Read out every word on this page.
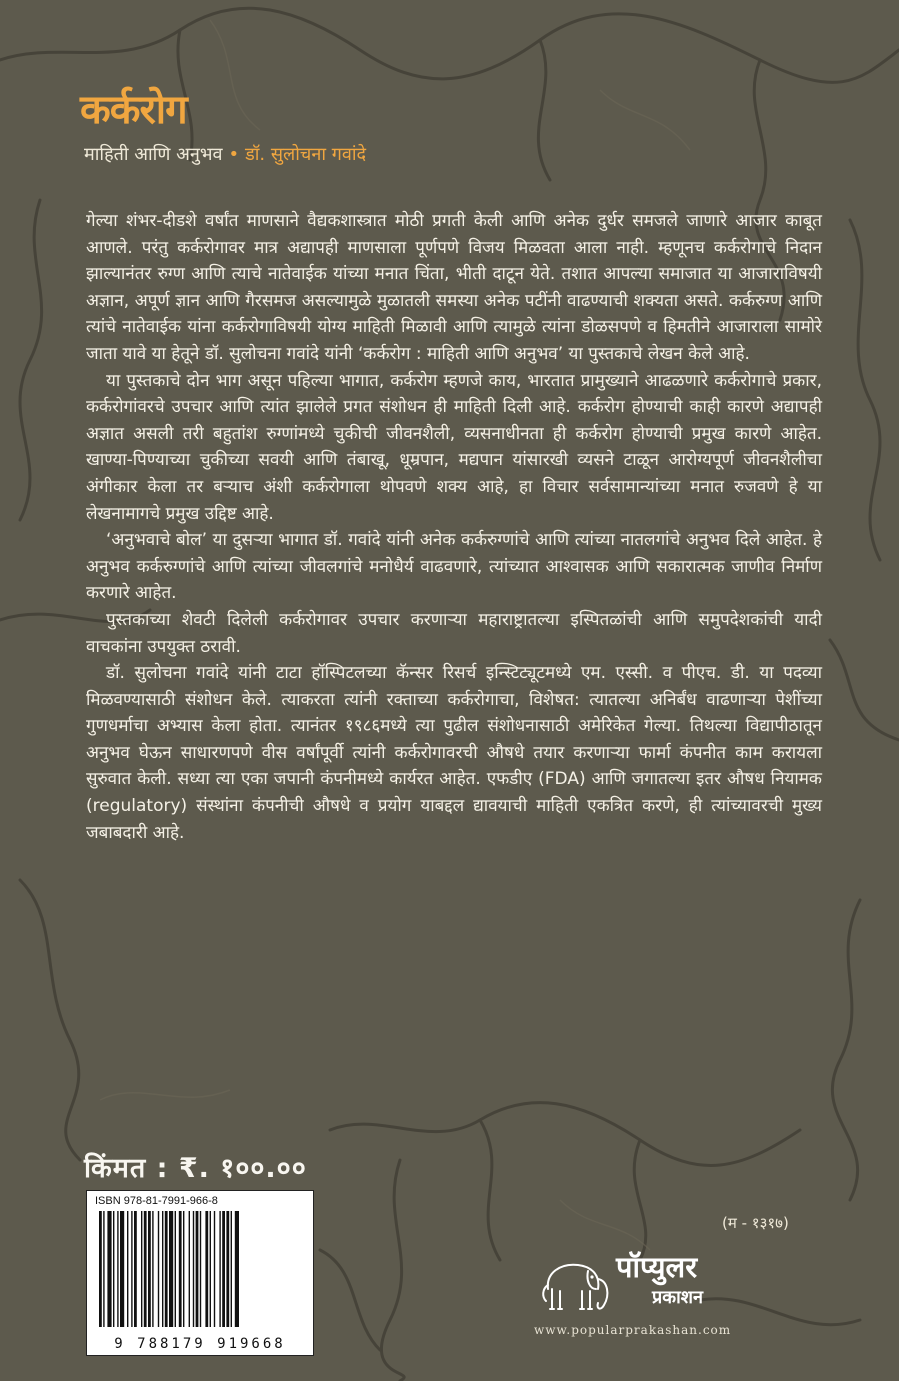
कर्करोग
माहिती आणि अनुभव • डॉ. सुलोचना गवांदे

गेल्या शंभर-दीडशे वर्षांत माणसाने वैद्यकशास्त्रात मोठी प्रगती केली आणि अनेक दुर्धर समजले जाणारे आजार काबूत आणले. परंतु कर्करोगावर मात्र अद्यापही माणसाला पूर्णपणे विजय मिळवता आला नाही. म्हणूनच कर्करोगाचे निदान झाल्यानंतर रुग्ण आणि त्याचे नातेवाईक यांच्या मनात चिंता, भीती दाटून येते. तशात आपल्या समाजात या आजाराविषयी अज्ञान, अपूर्ण ज्ञान आणि गैरसमज असल्यामुळे मुळातली समस्या अनेक पटींनी वाढण्याची शक्यता असते. कर्करुग्ण आणि त्यांचे नातेवाईक यांना कर्करोगाविषयी योग्य माहिती मिळावी आणि त्यामुळे त्यांना डोळसपणे व हिमतीने आजाराला सामोरे जाता यावे या हेतूने डॉ. सुलोचना गवांदे यांनी ‘कर्करोग : माहिती आणि अनुभव’ या पुस्तकाचे लेखन केले आहे.

या पुस्तकाचे दोन भाग असून पहिल्या भागात, कर्करोग म्हणजे काय, भारतात प्रामुख्याने आढळणारे कर्करोगाचे प्रकार, कर्करोगांवरचे उपचार आणि त्यांत झालेले प्रगत संशोधन ही माहिती दिली आहे. कर्करोग होण्याची काही कारणे अद्यापही अज्ञात असली तरी बहुतांश रुग्णांमध्ये चुकीची जीवनशैली, व्यसनाधीनता ही कर्करोग होण्याची प्रमुख कारणे आहेत. खाण्या-पिण्याच्या चुकीच्या सवयी आणि तंबाखू, धूम्रपान, मद्यपान यांसारखी व्यसने टाळून आरोग्यपूर्ण जीवनशैलीचा अंगीकार केला तर बऱ्याच अंशी कर्करोगाला थोपवणे शक्य आहे, हा विचार सर्वसामान्यांच्या मनात रुजवणे हे या लेखनामागचे प्रमुख उद्दिष्ट आहे.

‘अनुभवाचे बोल’ या दुसऱ्या भागात डॉ. गवांदे यांनी अनेक कर्करुग्णांचे आणि त्यांच्या नातलगांचे अनुभव दिले आहेत. हे अनुभव कर्करुग्णांचे आणि त्यांच्या जीवलगांचे मनोधैर्य वाढवणारे, त्यांच्यात आश्वासक आणि सकारात्मक जाणीव निर्माण करणारे आहेत.

पुस्तकाच्या शेवटी दिलेली कर्करोगावर उपचार करणाऱ्या महाराष्ट्रातल्या इस्पितळांची आणि समुपदेशकांची यादी वाचकांना उपयुक्त ठरावी.

डॉ. सुलोचना गवांदे यांनी टाटा हॉस्पिटलच्या कॅन्सर रिसर्च इन्स्टिट्यूटमध्ये एम. एस्सी. व पीएच. डी. या पदव्या मिळवण्यासाठी संशोधन केले. त्याकरता त्यांनी रक्ताच्या कर्करोगाचा, विशेषत: त्यातल्या अनिर्बंध वाढणाऱ्या पेशींच्या गुणधर्माचा अभ्यास केला होता. त्यानंतर १९८६मध्ये त्या पुढील संशोधनासाठी अमेरिकेत गेल्या. तिथल्या विद्यापीठातून अनुभव घेऊन साधारणपणे वीस वर्षांपूर्वी त्यांनी कर्करोगावरची औषधे तयार करणाऱ्या फार्मा कंपनीत काम करायला सुरुवात केली. सध्या त्या एका जपानी कंपनीमध्ये कार्यरत आहेत. एफडीए (FDA) आणि जगातल्या इतर औषध नियामक (regulatory) संस्थांना कंपनीची औषधे व प्रयोग याबद्दल द्यावयाची माहिती एकत्रित करणे, ही त्यांच्यावरची मुख्य जबाबदारी आहे.

किंमत : ₹. १००.००
ISBN 978-81-7991-966-8
9 788179 919668
(म - १३१७)
पॉप्युलर
प्रकाशन
www.popularprakashan.com
